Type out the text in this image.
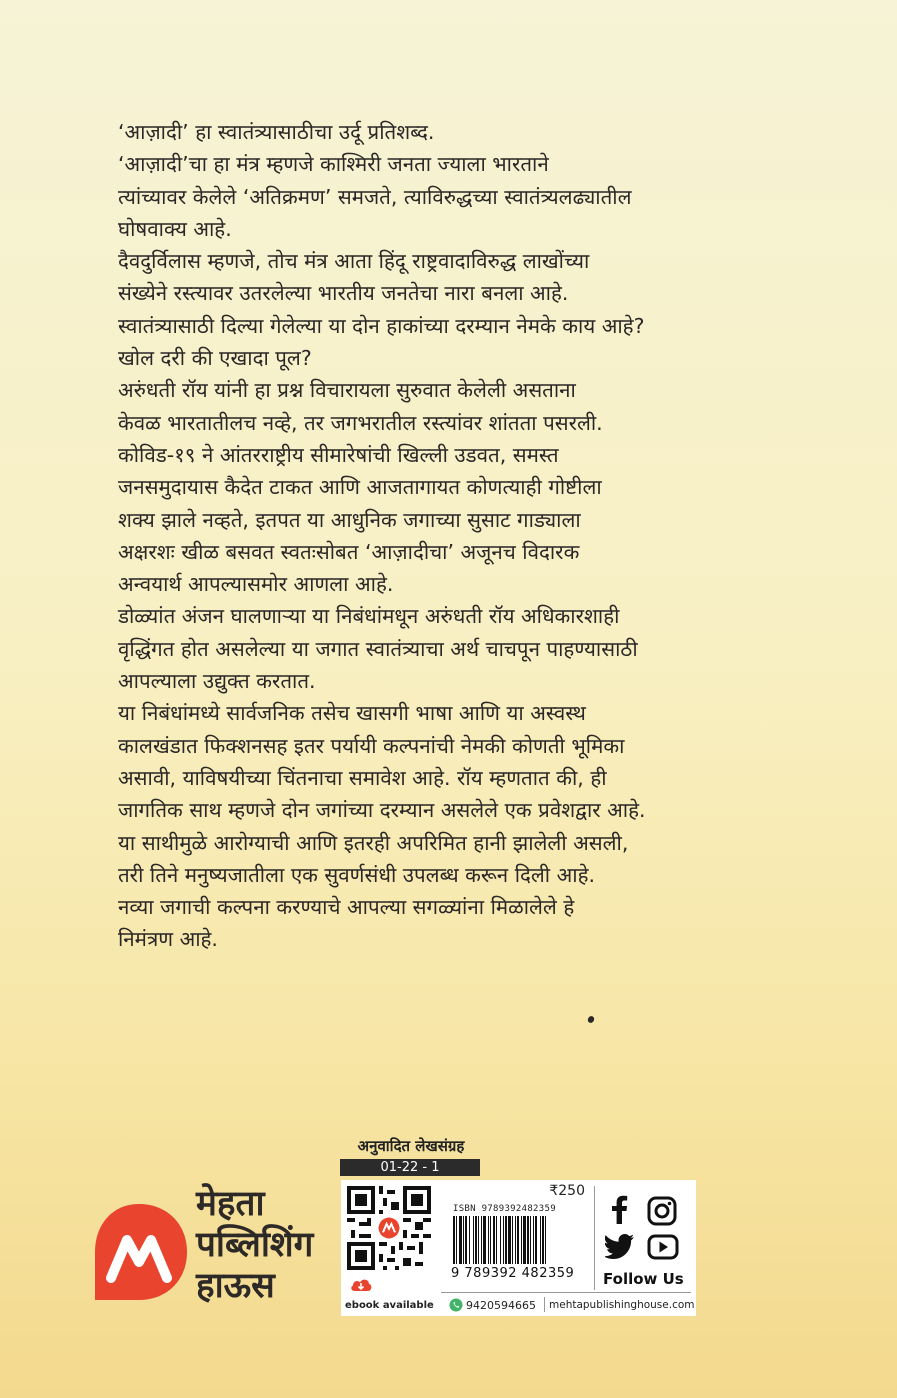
‘आज़ादी’ हा स्वातंत्र्यासाठीचा उर्दू प्रतिशब्द.

‘आज़ादी’चा हा मंत्र म्हणजे काश्मिरी जनता ज्याला भारताने

त्यांच्यावर केलेले ‘अतिक्रमण’ समजते, त्याविरुद्धच्या स्वातंत्र्यलढ्यातील

घोषवाक्य आहे.

दैवदुर्विलास म्हणजे, तोच मंत्र आता हिंदू राष्ट्रवादाविरुद्ध लाखोंच्या

संख्येने रस्त्यावर उतरलेल्या भारतीय जनतेचा नारा बनला आहे.

स्वातंत्र्यासाठी दिल्या गेलेल्या या दोन हाकांच्या दरम्यान नेमके काय आहे?

खोल दरी की एखादा पूल?

अरुंधती रॉय यांनी हा प्रश्न विचारायला सुरुवात केलेली असताना

केवळ भारतातीलच नव्हे, तर जगभरातील रस्त्यांवर शांतता पसरली.

कोविड-१९ ने आंतरराष्ट्रीय सीमारेषांची खिल्ली उडवत, समस्त

जनसमुदायास कैदेत टाकत आणि आजतागायत कोणत्याही गोष्टीला

शक्य झाले नव्हते, इतपत या आधुनिक जगाच्या सुसाट गाड्याला

अक्षरशः खीळ बसवत स्वतःसोबत ‘आज़ादीचा’ अजूनच विदारक

अन्वयार्थ आपल्यासमोर आणला आहे.

डोळ्यांत अंजन घालणाऱ्या या निबंधांमधून अरुंधती रॉय अधिकारशाही

वृद्धिंगत होत असलेल्या या जगात स्वातंत्र्याचा अर्थ चाचपून पाहण्यासाठी

आपल्याला उद्युक्त करतात.

या निबंधांमध्ये सार्वजनिक तसेच खासगी भाषा आणि या अस्वस्थ

कालखंडात फिक्शनसह इतर पर्यायी कल्पनांची नेमकी कोणती भूमिका

असावी, याविषयीच्या चिंतनाचा समावेश आहे. रॉय म्हणतात की, ही

जागतिक साथ म्हणजे दोन जगांच्या दरम्यान असलेले एक प्रवेशद्वार आहे.

या साथीमुळे आरोग्याची आणि इतरही अपरिमित हानी झालेली असली,

तरी तिने मनुष्यजातीला एक सुवर्णसंधी उपलब्ध करून दिली आहे.

नव्या जगाची कल्पना करण्याचे आपल्या सगळ्यांना मिळालेले हे

निमंत्रण आहे.

अनुवादित लेखसंग्रह
01-22 - 1
मेहता
पब्लिशिंग
हाऊस	ebook available
₹250
ISBN 9789392482359
9 789392 482359	Follow Us
9420594665 mehtapublishinghouse.com
